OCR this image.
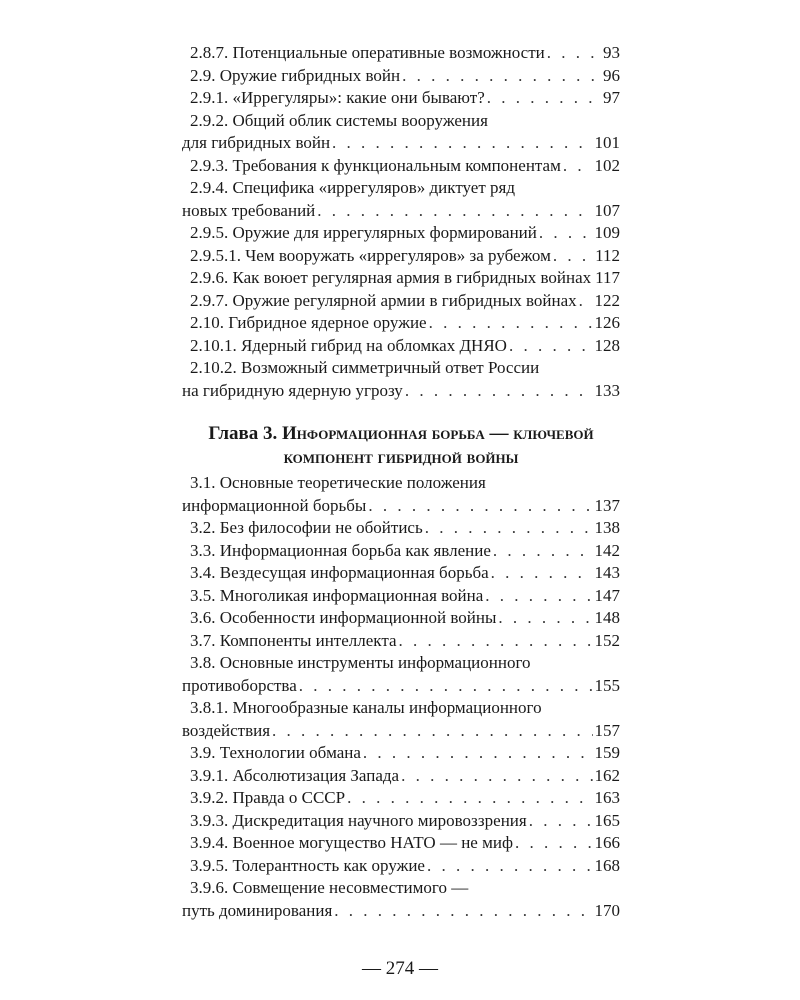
2.8.7. Потенциальные оперативные возможности . . .	93
2.9. Оружие гибридных войн . . .	96
2.9.1. «Иррегуляры»: какие они бывают? . . .	97
2.9.2. Общий облик системы вооружения
для гибридных войн . . .	101
2.9.3. Требования к функциональным компонентам . . . 102
2.9.4. Специфика «иррегуляров» диктует ряд
новых требований . . .	107
2.9.5. Оружие для иррегулярных формирований . . .	109
2.9.5.1. Чем вооружать «иррегуляров» за рубежом . . .	112
2.9.6. Как воюет регулярная армия в гибридных войнах 117
2.9.7. Оружие регулярной армии в гибридных войнах . . . 122
2.10. Гибридное ядерное оружие . . .	126
2.10.1. Ядерный гибрид на обломках ДНЯО . . .	128
2.10.2. Возможный симметричный ответ России
на гибридную ядерную угрозу . . .	133
Глава 3. Информационная борьба — ключевой
компонент гибридной войны
3.1. Основные теоретические положения
информационной борьбы . . .	137
3.2. Без философии не обойтись . . .	138
3.3. Информационная борьба как явление . . .	142
3.4. Вездесущая информационная борьба . . .	143
3.5. Многоликая информационная война . . .	147
3.6. Особенности информационной войны . . .	148
3.7. Компоненты интеллекта . . .	152
3.8. Основные инструменты информационного
противоборства . . .	155
3.8.1. Многообразные каналы информационного
воздействия . . .	157
3.9. Технологии обмана . . .	159
3.9.1. Абсолютизация Запада . . .	162
3.9.2. Правда о СССР . . .	163
3.9.3. Дискредитация научного мировоззрения . . .	165
3.9.4. Военное могущество НАТО — не миф . . .	166
3.9.5. Толерантность как оружие . . .	168
3.9.6. Совмещение несовместимого —
путь доминирования . . .	170
— 274 —
